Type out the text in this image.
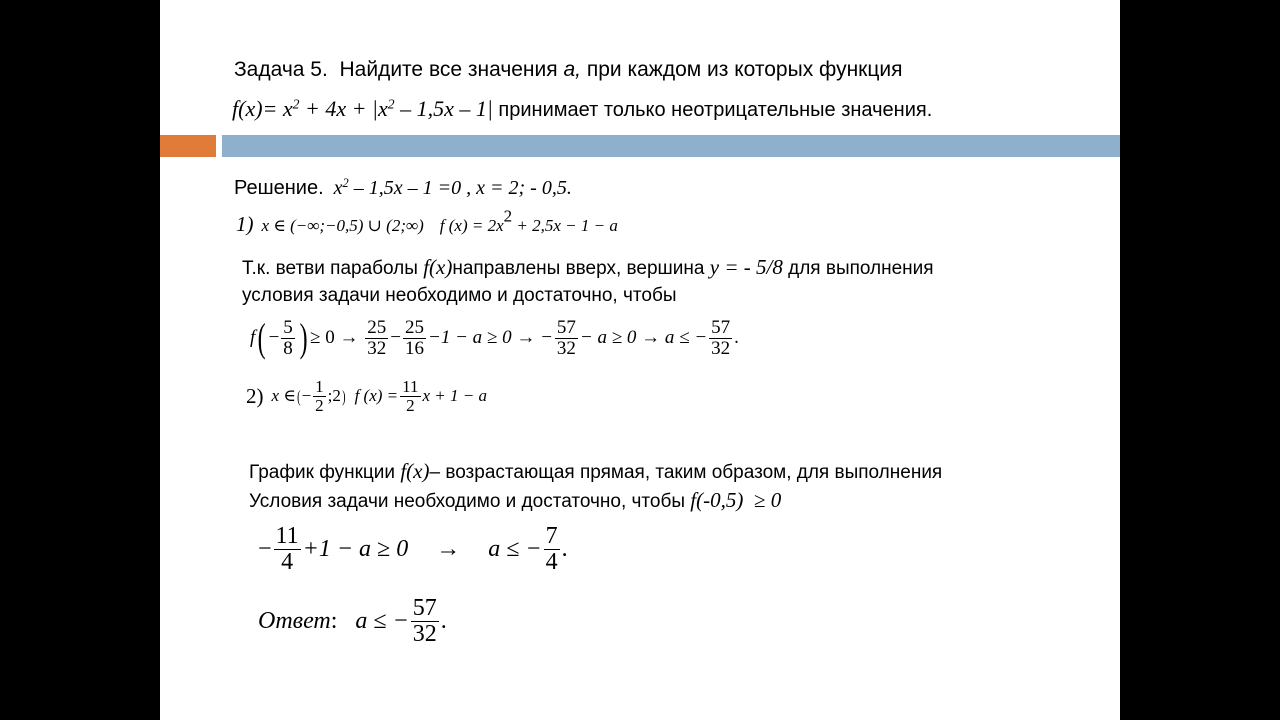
Задача 5. Найдите все значения a, при каждом из которых функция
$f(x)= x^2 + 4x + |x^2 - 1,5x - 1|$ принимает только неотрицательные значения.
Решение. $x^2 - 1,5x - 1 =0$ , x = 2; - 0,5.
1) x ∈ (−∞;−0,5) ∪ (2;∞) f $(x) = 2x^2 + 2,5x - 1 - a$
Т.к. ветви параболы f(x)направлены вверх, вершина y = - 5/8 для выполнения
условия задачи необходимо и достаточно, чтобы
f ( − $\frac{5}{8}$ ) ≥ 0 →
$\frac{25}{32} - \frac{25}{16} -1 - a \ge 0$ → − $\frac{57}{32} - a \ge 0 \to a$ ≤ − $\frac{57}{32}$ .
2)
x ∈ ( − $\frac{1}{2}$ ;2 )
f $(x) = \frac{11}{2}$ x + 1 − a
График функции f(x)– возрастающая прямая, таким образом, для выполнения
Условия задачи необходимо и достаточно, чтобы f(-0,5) ≥ 0
− $\frac{11}{4} +1 - a \ge 0 \to a$ ≤ − $\frac{7}{4}$ .
Ответ :
a ≤ − $\frac{57}{32}$ .
